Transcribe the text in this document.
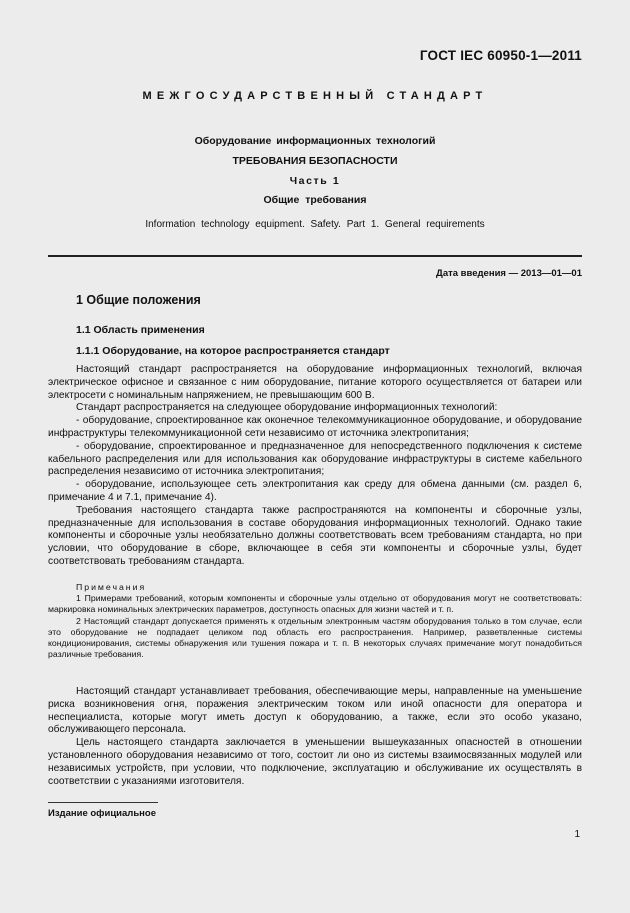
ГОСТ IEC 60950-1—2011
МЕЖГОСУДАРСТВЕННЫЙ СТАНДАРТ
Оборудование информационных технологий
ТРЕБОВАНИЯ БЕЗОПАСНОСТИ
Часть 1
Общие требования
Information technology equipment. Safety. Part 1. General requirements
Дата введения — 2013—01—01
1 Общие положения
1.1 Область применения
1.1.1 Оборудование, на которое распространяется стандарт

Настоящий стандарт распространяется на оборудование информационных технологий, включая электрическое офисное и связанное с ним оборудование, питание которого осуществляется от батареи или электросети с номинальным напряжением, не превышающим 600 В.

Стандарт распространяется на следующее оборудование информационных технологий:

- оборудование, спроектированное как оконечное телекоммуникационное оборудование, и оборудование инфраструктуры телекоммуникационной сети независимо от источника электропитания;

- оборудование, спроектированное и предназначенное для непосредственного подключения к системе кабельного распределения или для использования как оборудование инфраструктуры в системе кабельного распределения независимо от источника электропитания;

- оборудование, использующее сеть электропитания как среду для обмена данными (см. раздел 6, примечание 4 и 7.1, примечание 4).

Требования настоящего стандарта также распространяются на компоненты и сборочные узлы, предназначенные для использования в составе оборудования информационных технологий. Однако такие компоненты и сборочные узлы необязательно должны соответствовать всем требованиям стандарта, но при условии, что оборудование в сборе, включающее в себя эти компоненты и сборочные узлы, будет соответствовать требованиям стандарта.

Примечания

1 Примерами требований, которым компоненты и сборочные узлы отдельно от оборудования могут не соответствовать: маркировка номинальных электрических параметров, доступность опасных для жизни частей и т. п.

2 Настоящий стандарт допускается применять к отдельным электронным частям оборудования только в том случае, если это оборудование не подпадает целиком под область его распространения. Например, разветвленные системы кондиционирования, системы обнаружения или тушения пожара и т. п. В некоторых случаях примечание могут понадобиться различные требования.

Настоящий стандарт устанавливает требования, обеспечивающие меры, направленные на уменьшение риска возникновения огня, поражения электрическим током или иной опасности для оператора и неспециалиста, которые могут иметь доступ к оборудованию, а также, если это особо указано, обслуживающего персонала.

Цель настоящего стандарта заключается в уменьшении вышеуказанных опасностей в отношении установленного оборудования независимо от того, состоит ли оно из системы взаимосвязанных модулей или независимых устройств, при условии, что подключение, эксплуатацию и обслуживание их осуществлять в соответствии с указаниями изготовителя.

Издание официальное
1
